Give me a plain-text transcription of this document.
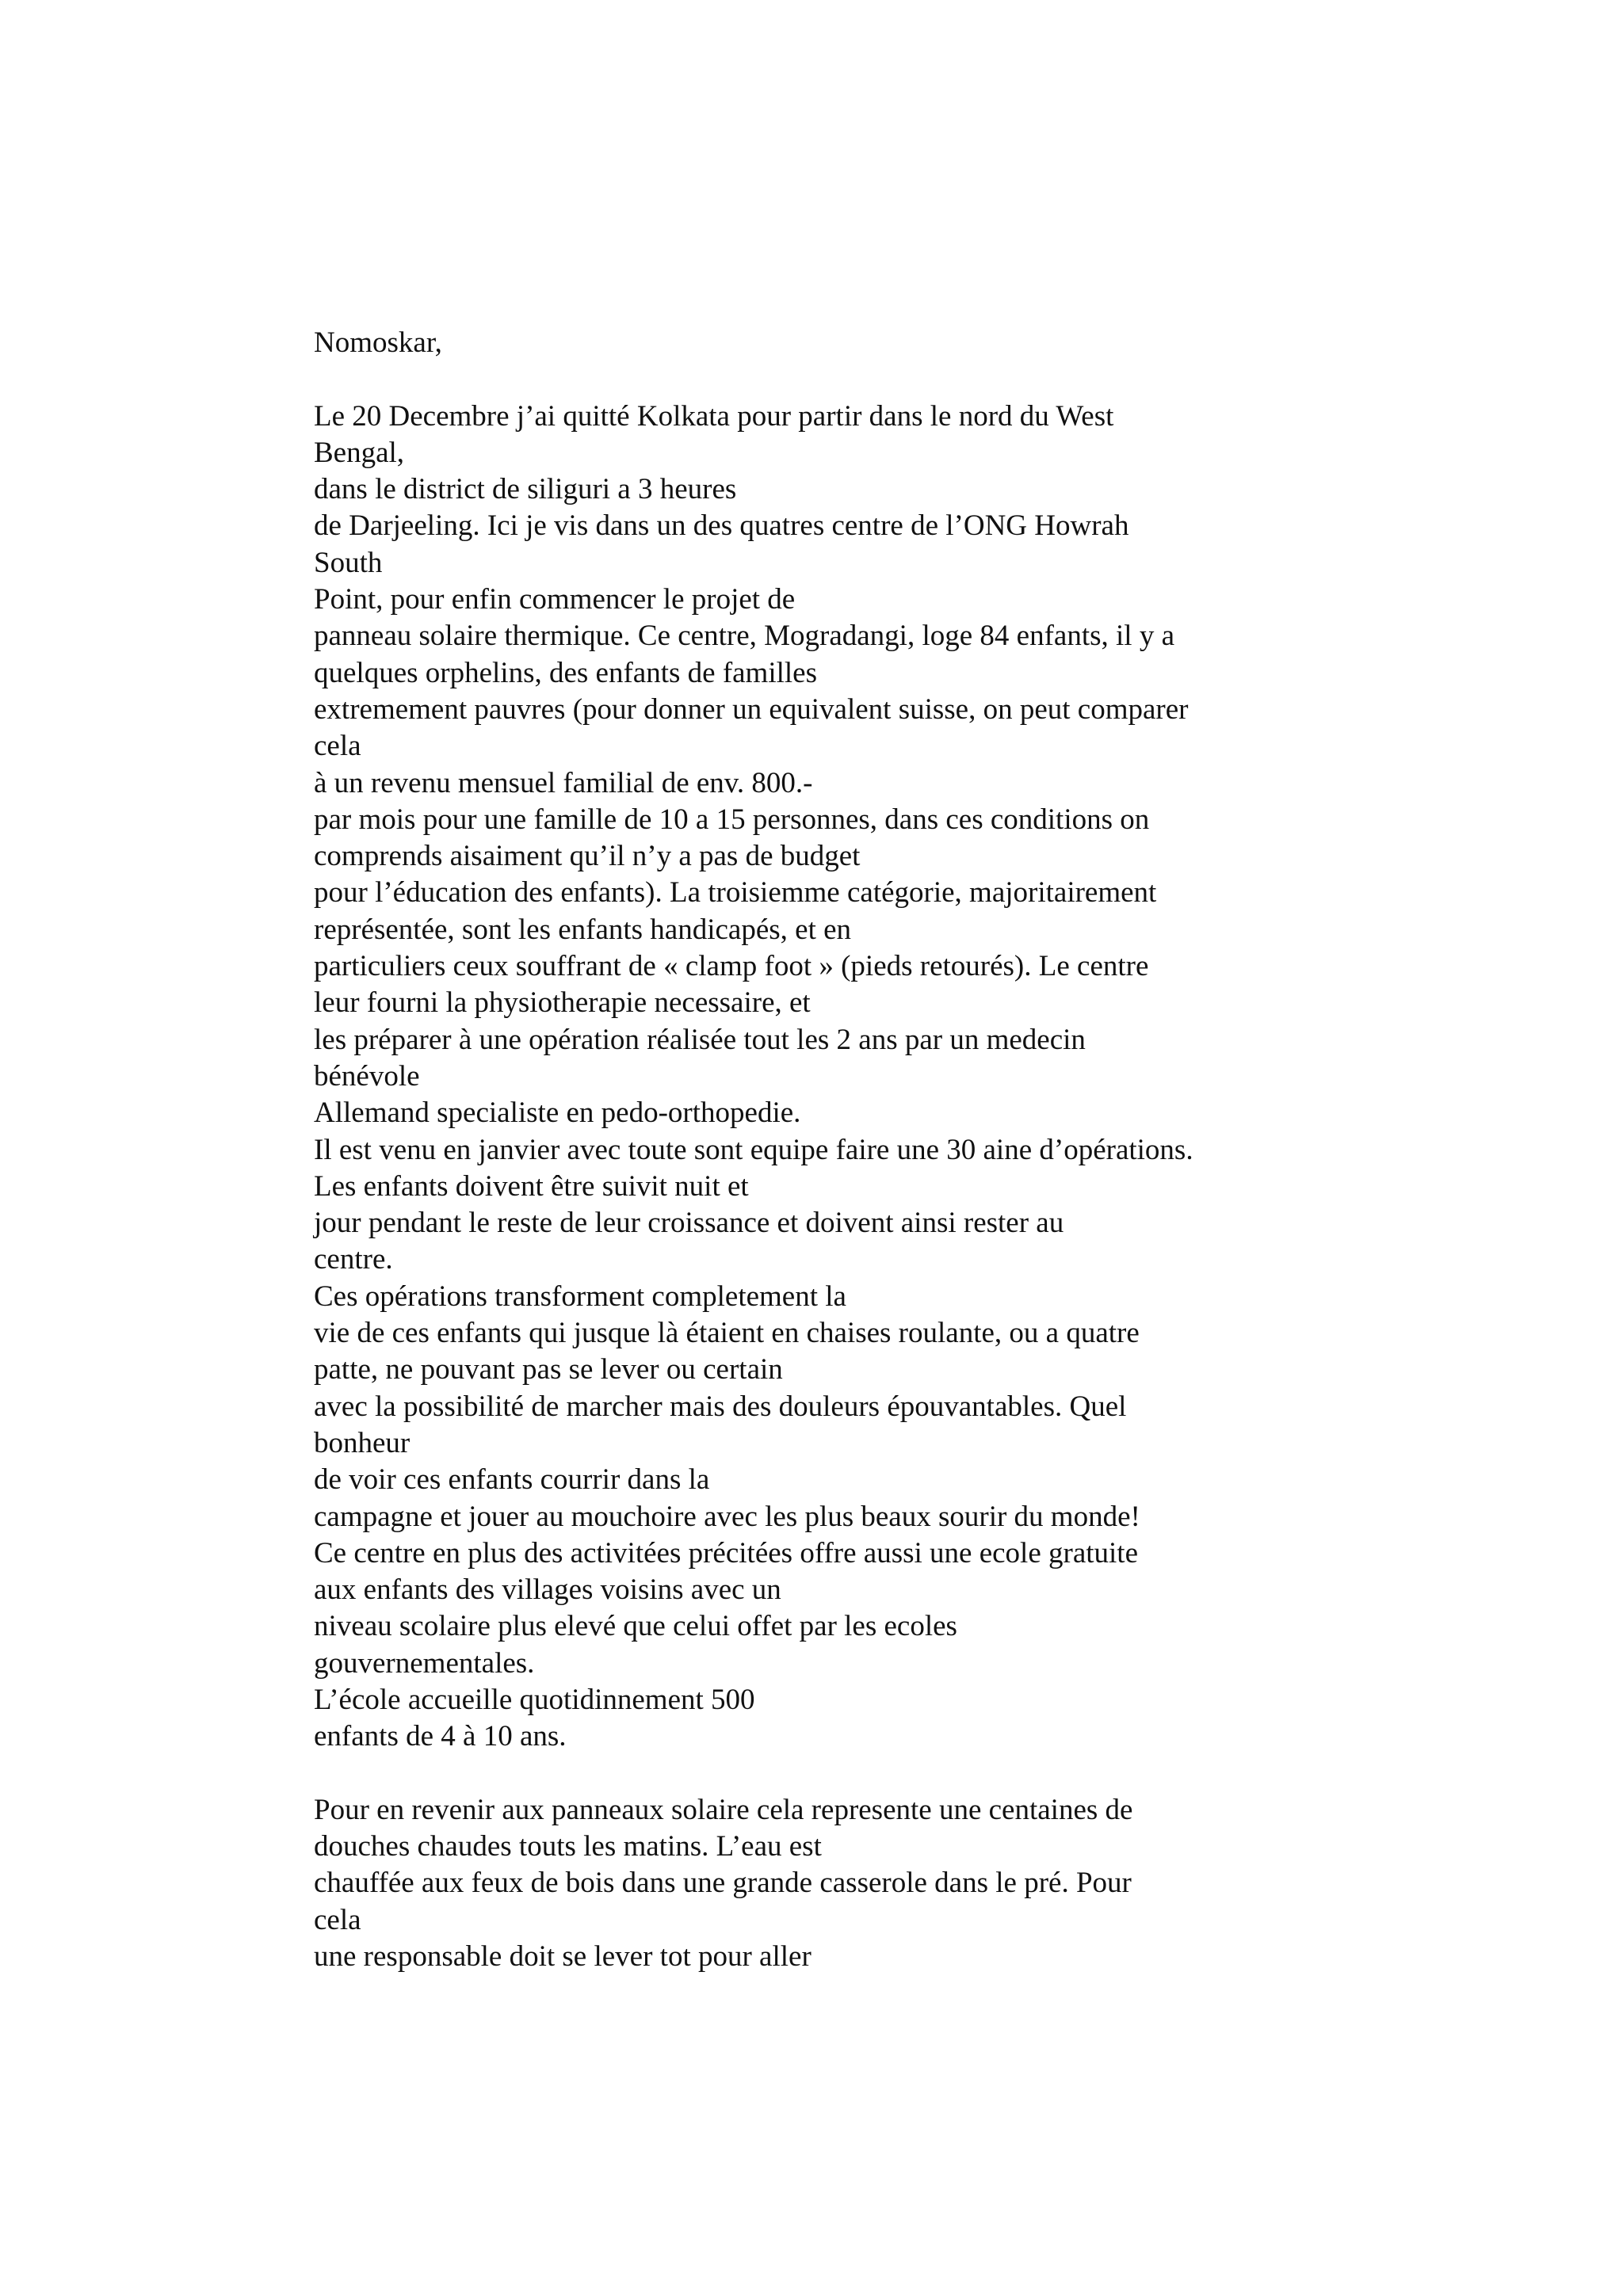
Nomoskar,
Le 20 Decembre j’ai quitté Kolkata pour partir dans le nord du West
Bengal,
dans le district de siliguri a 3 heures
de Darjeeling. Ici je vis dans un des quatres centre de l’ONG Howrah
South
Point, pour enfin commencer le projet de
panneau solaire thermique. Ce centre, Mogradangi, loge 84 enfants, il y a
quelques orphelins, des enfants de familles
extremement pauvres (pour donner un equivalent suisse, on peut comparer
cela
à un revenu mensuel familial de env. 800.-
par mois pour une famille de 10 a 15 personnes, dans ces conditions on
comprends aisaiment qu’il n’y a pas de budget
pour l’éducation des enfants). La troisiemme catégorie, majoritairement
représentée, sont les enfants handicapés, et en
particuliers ceux souffrant de « clamp foot » (pieds retourés). Le centre
leur fourni la physiotherapie necessaire, et
les préparer à une opération réalisée tout les 2 ans par un medecin
bénévole
Allemand specialiste en pedo-orthopedie.
Il est venu en janvier avec toute sont equipe faire une 30 aine d’opérations.
Les enfants doivent être suivit nuit et
jour pendant le reste de leur croissance et doivent ainsi rester au
centre.
Ces opérations transforment completement la
vie de ces enfants qui jusque là étaient en chaises roulante, ou a quatre
patte, ne pouvant pas se lever ou certain
avec la possibilité de marcher mais des douleurs épouvantables. Quel
bonheur
de voir ces enfants courrir dans la
campagne et jouer au mouchoire avec les plus beaux sourir du monde!
Ce centre en plus des activitées précitées offre aussi une ecole gratuite
aux enfants des villages voisins avec un
niveau scolaire plus elevé que celui offet par les ecoles
gouvernementales.
L’école accueille quotidinnement 500
enfants de 4 à 10 ans.
Pour en revenir aux panneaux solaire cela represente une centaines de
douches chaudes touts les matins. L’eau est
chauffée aux feux de bois dans une grande casserole dans le pré. Pour
cela
une responsable doit se lever tot pour aller
